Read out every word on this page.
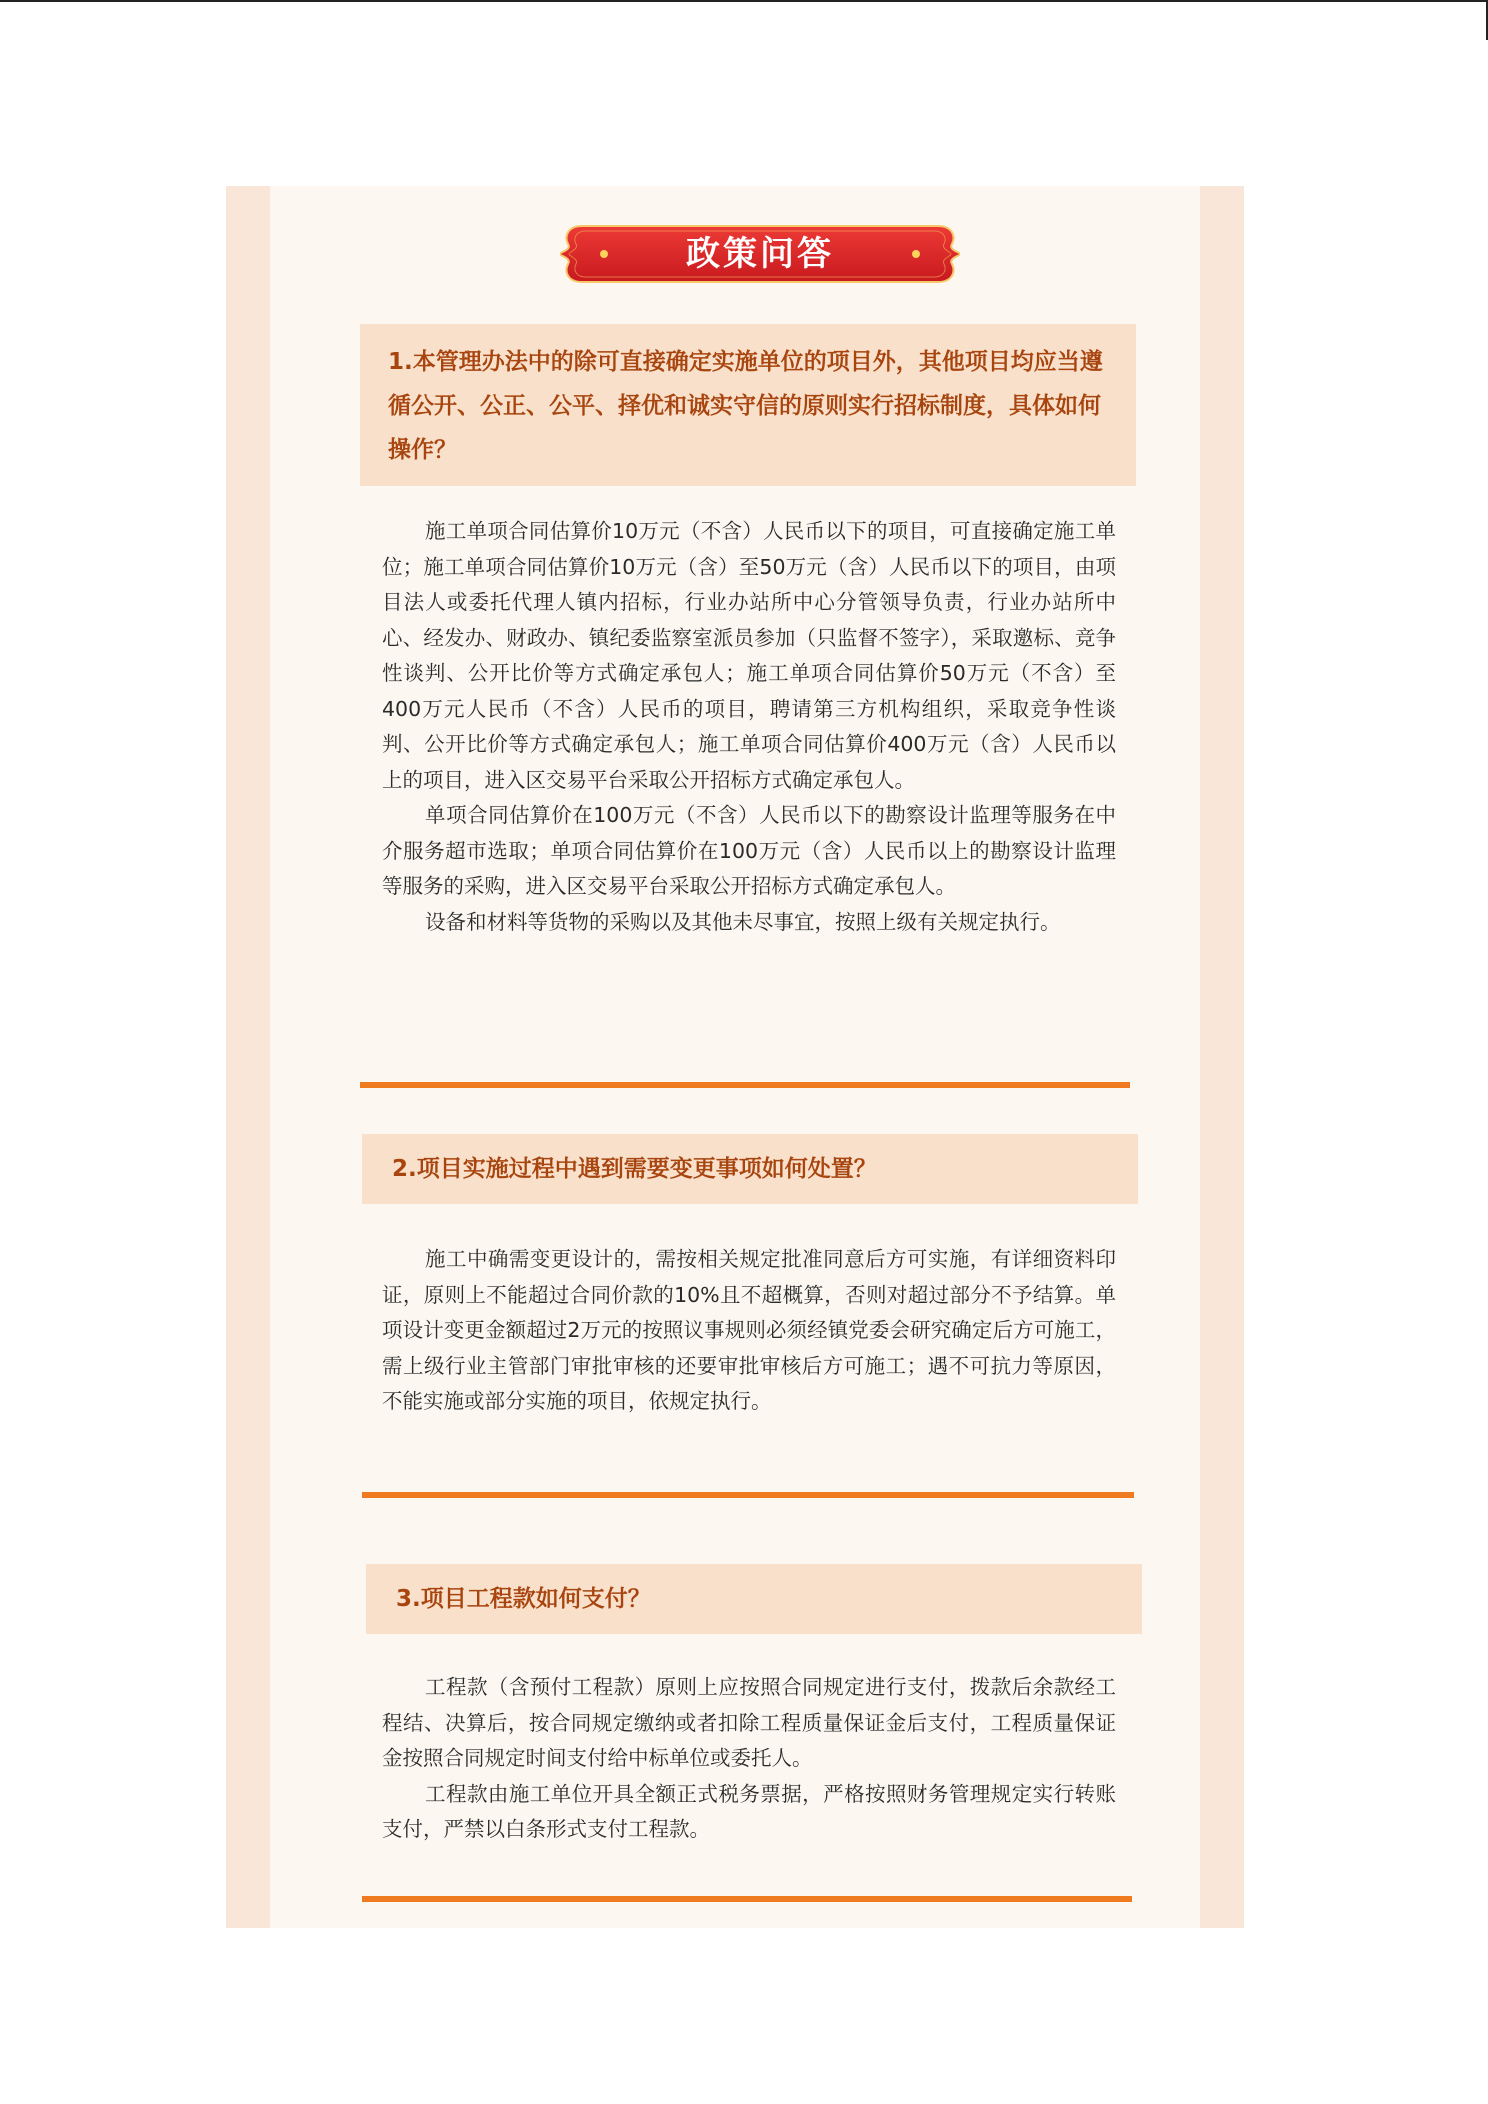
政策问答

1.本管理办法中的除可直接确定实施单位的项目外，其他项目均应当遵循公开、公正、公平、择优和诚实守信的原则实行招标制度，具体如何操作？

施工单项合同估算价10万元（不含）人民币以下的项目，可直接确定施工单位；施工单项合同估算价10万元（含）至50万元（含）人民币以下的项目，由项目法人或委托代理人镇内招标，行业办站所中心分管领导负责，行业办站所中心、经发办、财政办、镇纪委监察室派员参加（只监督不签字），采取邀标、竞争性谈判、公开比价等方式确定承包人；施工单项合同估算价50万元（不含）至400万元人民币（不含）人民币的项目，聘请第三方机构组织，采取竞争性谈判、公开比价等方式确定承包人；施工单项合同估算价400万元（含）人民币以上的项目，进入区交易平台采取公开招标方式确定承包人。

单项合同估算价在100万元（不含）人民币以下的勘察设计监理等服务在中介服务超市选取；单项合同估算价在100万元（含）人民币以上的勘察设计监理等服务的采购，进入区交易平台采取公开招标方式确定承包人。

设备和材料等货物的采购以及其他未尽事宜，按照上级有关规定执行。

2.项目实施过程中遇到需要变更事项如何处置？

施工中确需变更设计的，需按相关规定批准同意后方可实施，有详细资料印证，原则上不能超过合同价款的10%且不超概算，否则对超过部分不予结算。单项设计变更金额超过2万元的按照议事规则必须经镇党委会研究确定后方可施工，需上级行业主管部门审批审核的还要审批审核后方可施工；遇不可抗力等原因，不能实施或部分实施的项目，依规定执行。

3.项目工程款如何支付？

工程款（含预付工程款）原则上应按照合同规定进行支付，拨款后余款经工程结、决算后，按合同规定缴纳或者扣除工程质量保证金后支付，工程质量保证金按照合同规定时间支付给中标单位或委托人。

工程款由施工单位开具全额正式税务票据，严格按照财务管理规定实行转账支付，严禁以白条形式支付工程款。
